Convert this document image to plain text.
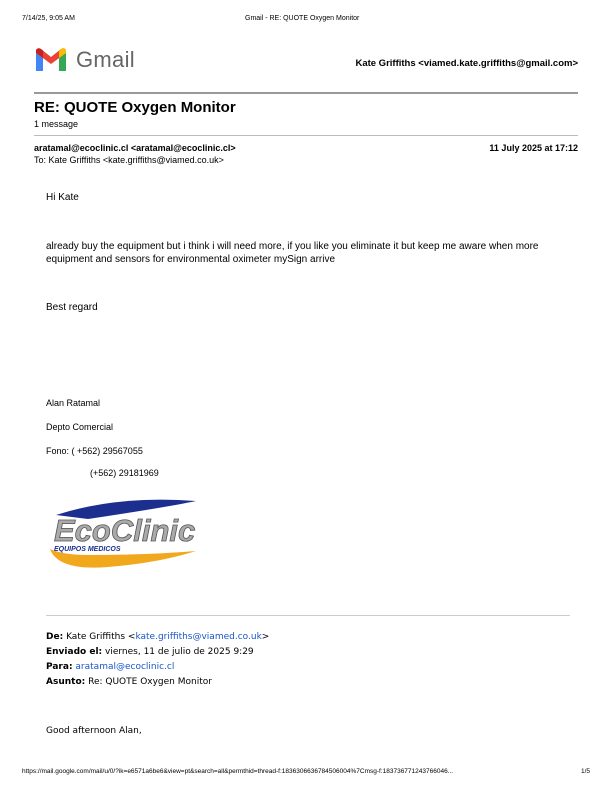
7/14/25, 9:05 AM	Gmail - RE: QUOTE Oxygen Monitor
Gmail	Kate Griffiths <viamed.kate.griffiths@gmail.com>
RE: QUOTE Oxygen Monitor
1 message
aratamal@ecoclinic.cl <aratamal@ecoclinic.cl>
To: Kate Griffiths <kate.griffiths@viamed.co.uk>
11 July 2025 at 17:12
Hi Kate
already buy the equipment but i think i will need more, if you like you eliminate it but keep me aware when more equipment and sensors for environmental oximeter mySign arrive
Best regard
Alan Ratamal
Depto Comercial
Fono: ( +562) 29567055
(+562) 29181969
EcoClinic
EQUIPOS MEDICOS
De: Kate Griffiths <kate.griffiths@viamed.co.uk>
Enviado el: viernes, 11 de julio de 2025 9:29
Para: aratamal@ecoclinic.cl
Asunto: Re: QUOTE Oxygen Monitor
Good afternoon Alan,
https://mail.google.com/mail/u/0/?ik=e6571a6be6&view=pt&search=all&permthid=thread-f:1836306636784506004%7Cmsg-f:183736771243766046...	1/5
